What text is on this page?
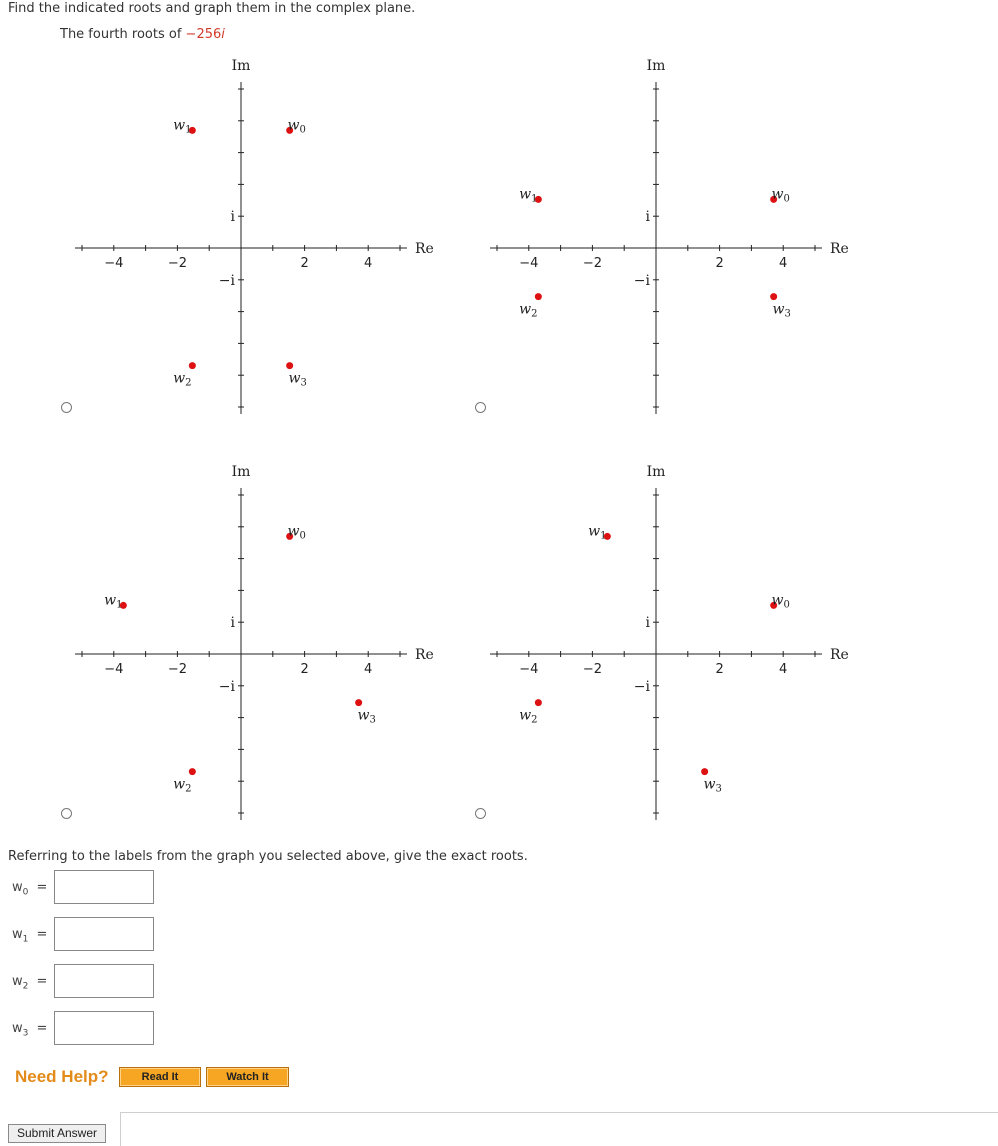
Find the indicated roots and graph them in the complex plane.
The fourth roots of −256i
Re
Im
−4	−2	2	4
i
−i
$w_0$
$w_1$
$w_2$	$w_3$
Re
Im
−4	−2	2	4
i
−i
$w_0$
$w_1$
$w_2$	$w_3$
Re
Im
−4	−2	2	4
i
−i
$w_0$
$w_1$
$w_2$
$w_3$
Re
Im
−4	−2	2	4
i
−i
$w_0$
$w_1$
$w_2$
$w_3$
Referring to the labels from the graph you selected above, give the exact roots.
$w_0$ =
$w_1$ =
$w_2$ =
$w_3$ =
Need Help?	Read It	Watch It
Submit Answer
